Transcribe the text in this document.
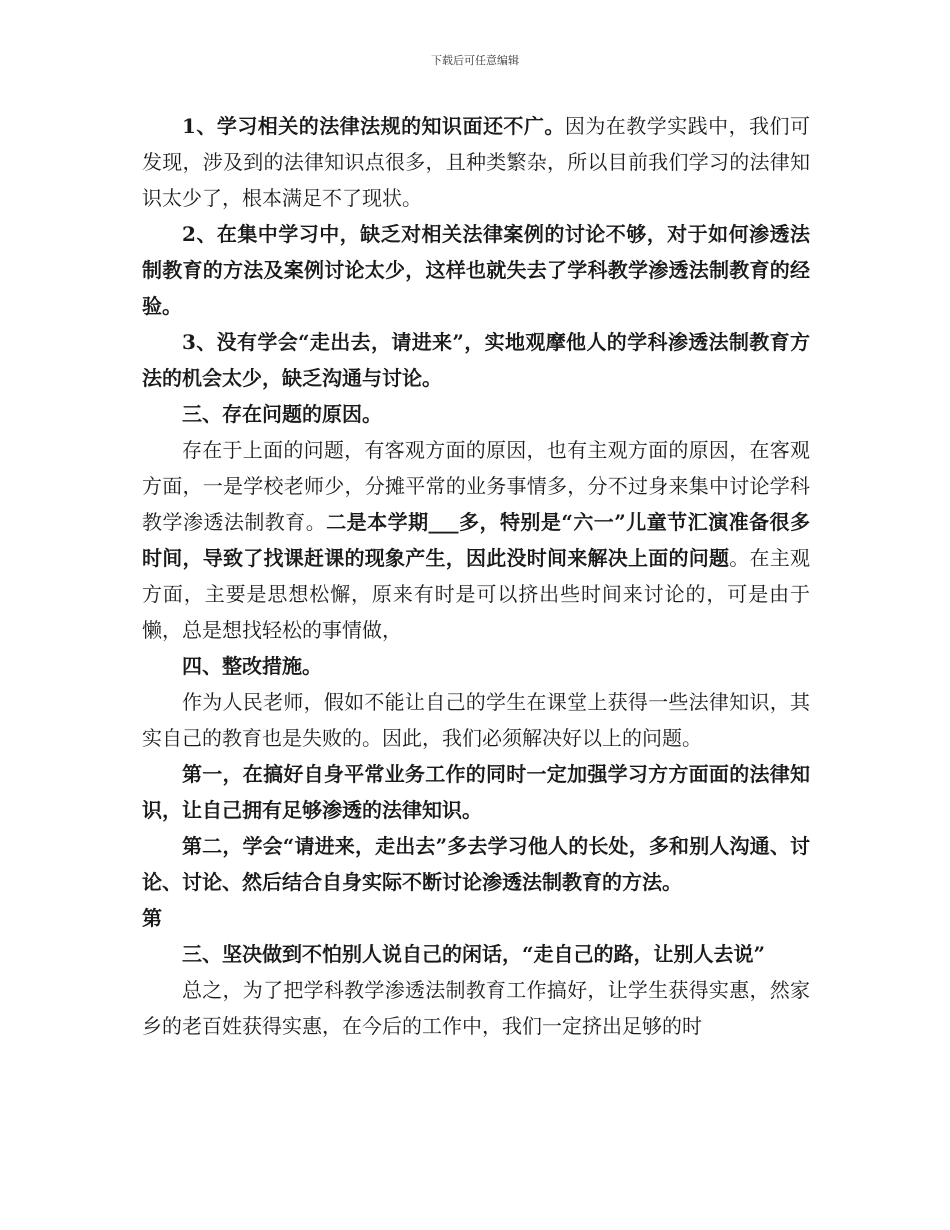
下载后可任意编辑

1、学习相关的法律法规的知识面还不广。因为在教学实践中，我们可发现，涉及到的法律知识点很多，且种类繁杂，所以目前我们学习的法律知识太少了，根本满足不了现状。

2、在集中学习中，缺乏对相关法律案例的讨论不够，对于如何渗透法制教育的方法及案例讨论太少，这样也就失去了学科教学渗透法制教育的经验。

3、没有学会“走出去，请进来”，实地观摩他人的学科渗透法制教育方法的机会太少，缺乏沟通与讨论。

三、存在问题的原因。

存在于上面的问题，有客观方面的原因，也有主观方面的原因，在客观方面，一是学校老师少，分摊平常的业务事情多，分不过身来集中讨论学科教学渗透法制教育。二是本学期___多，特别是“六一”儿童节汇演准备很多时间，导致了找课赶课的现象产生，因此没时间来解决上面的问题。在主观方面，主要是思想松懈，原来有时是可以挤出些时间来讨论的，可是由于懒，总是想找轻松的事情做，

四、整改措施。

作为人民老师，假如不能让自己的学生在课堂上获得一些法律知识，其实自己的教育也是失败的。因此，我们必须解决好以上的问题。

第一，在搞好自身平常业务工作的同时一定加强学习方方面面的法律知识，让自己拥有足够渗透的法律知识。

第二，学会“请进来，走出去”多去学习他人的长处，多和别人沟通、讨论、讨论、然后结合自身实际不断讨论渗透法制教育的方法。

第

三、坚决做到不怕别人说自己的闲话，“走自己的路，让别人去说”

总之，为了把学科教学渗透法制教育工作搞好，让学生获得实惠，然家乡的老百姓获得实惠，在今后的工作中，我们一定挤出足够的时
